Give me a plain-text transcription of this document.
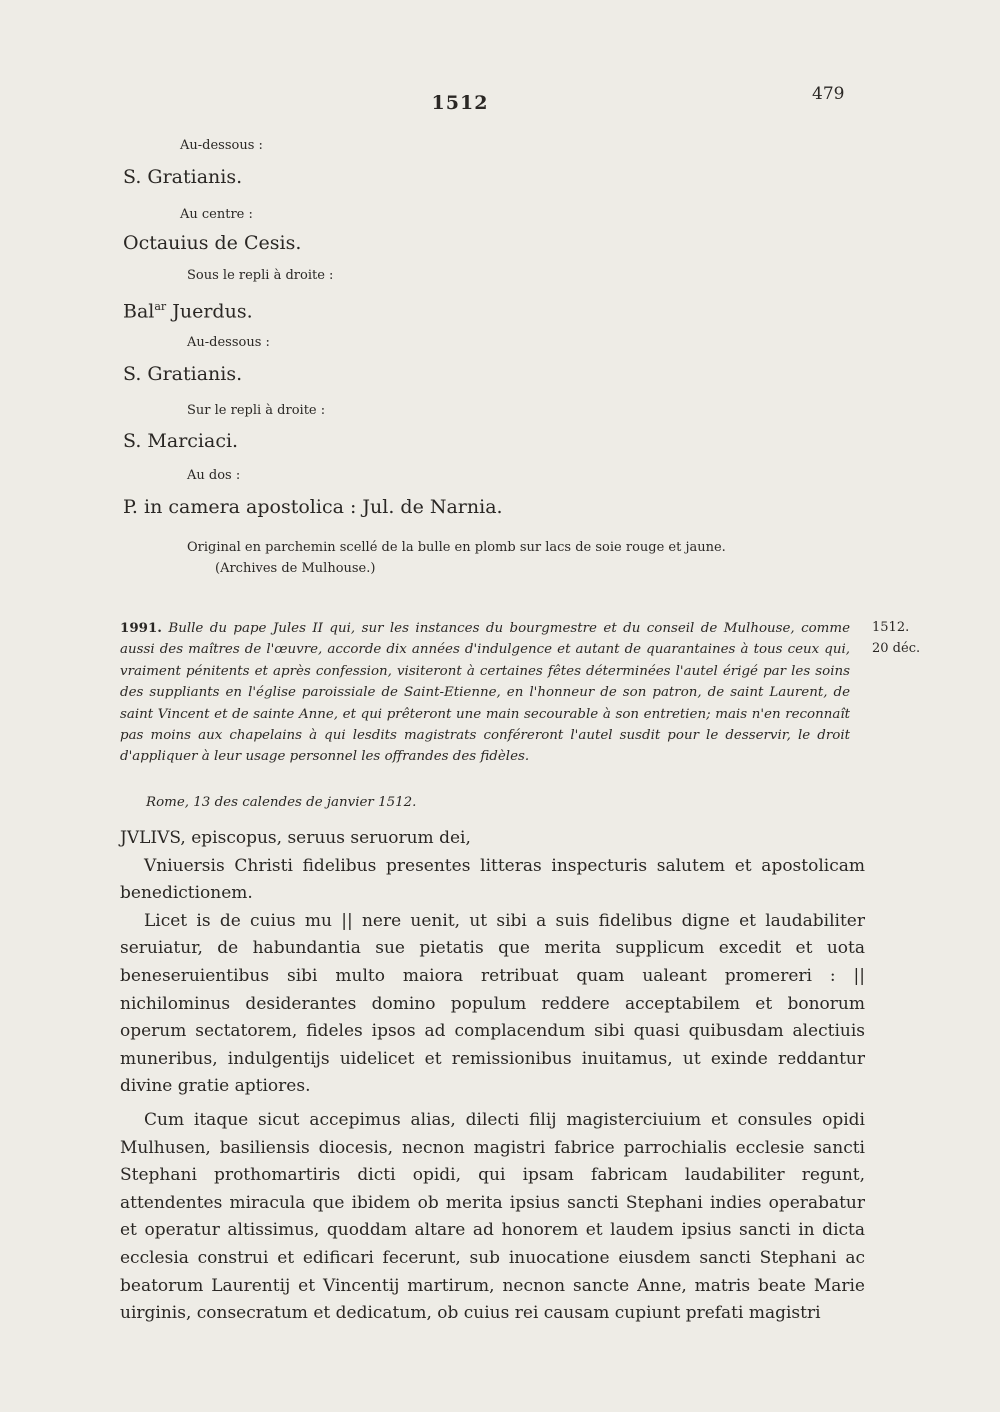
1512	479
Au-dessous :
S. Gratianis.
Au centre :
Octauius de Cesis.
Sous le repli à droite :
Bal$^{ar}$ Juerdus.
Au-dessous :
S. Gratianis.
Sur le repli à droite :
S. Marciaci.
Au dos :
P. in camera apostolica : Jul. de Narnia.
Original en parchemin scellé de la bulle en plomb sur lacs de soie rouge et jaune.
(Archives de Mulhouse.)
1512.
20 déc.

1991. Bulle du pape Jules II qui, sur les instances du bourgmestre et du conseil de Mulhouse, comme aussi des maîtres de l'œuvre, accorde dix années d'indulgence et autant de quarantaines à tous ceux qui, vraiment pénitents et après confession, visiteront à certaines fêtes déterminées l'autel érigé par les soins des suppliants en l'église paroissiale de Saint-Etienne, en l'honneur de son patron, de saint Laurent, de saint Vincent et de sainte Anne, et qui prêteront une main secourable à son entretien; mais n'en reconnaît pas moins aux chapelains à qui lesdits magistrats conféreront l'autel susdit pour le desservir, le droit d'appliquer à leur usage personnel les offrandes des fidèles.

Rome, 13 des calendes de janvier 1512.

JVLIVS, episcopus, seruus seruorum dei,

Vniuersis Christi fidelibus presentes litteras inspecturis salutem et apostolicam benedictionem.

Licet is de cuius mu || nere uenit, ut sibi a suis fidelibus digne et laudabiliter seruiatur, de habundantia sue pietatis que merita supplicum excedit et uota beneseruientibus sibi multo maiora retribuat quam ualeant promereri : || nichilominus desiderantes domino populum reddere acceptabilem et bonorum operum sectatorem, fideles ipsos ad complacendum sibi quasi quibusdam alectiuis muneribus, indulgentijs uidelicet et remissionibus inuitamus, ut exinde reddantur divine gratie aptiores.

Cum itaque sicut accepimus alias, dilecti filij magisterciuium et consules opidi Mulhusen, basiliensis diocesis, necnon magistri fabrice parrochialis ecclesie sancti Stephani prothomartiris dicti opidi, qui ipsam fabricam laudabiliter regunt, attendentes miracula que ibidem ob merita ipsius sancti Stephani indies operabatur et operatur altissimus, quoddam altare ad honorem et laudem ipsius sancti in dicta ecclesia construi et edificari fecerunt, sub inuocatione eiusdem sancti Stephani ac beatorum Laurentij et Vincentij martirum, necnon sancte Anne, matris beate Marie uirginis, consecratum et dedicatum, ob cuius rei causam cupiunt prefati magistri
